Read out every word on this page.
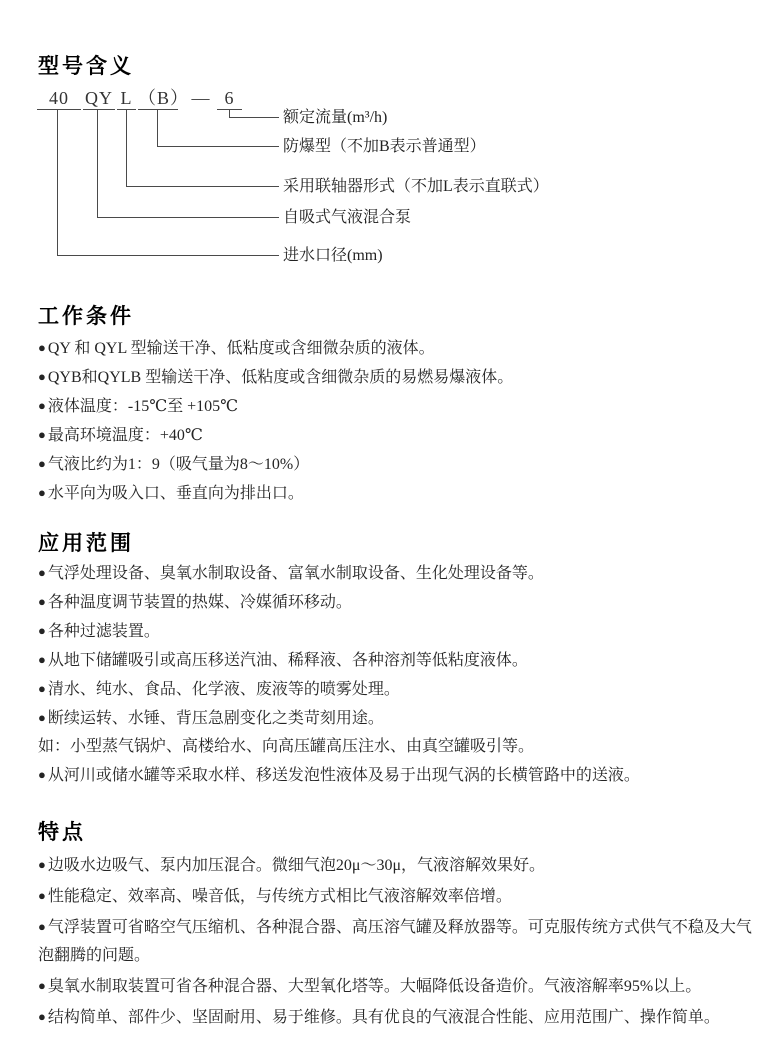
型号含义
40 QY L （B） — 6
额定流量(m³/h)
防爆型（不加B表示普通型）
采用联轴器形式（不加L表示直联式）
自吸式气液混合泵
进水口径(mm)
工作条件
● QY 和 QYL 型输送干净、低粘度或含细微杂质的液体。
● QYB和QYLB 型输送干净、低粘度或含细微杂质的易燃易爆液体。
● 液体温度：-15℃至 +105℃
● 最高环境温度：+40℃
● 气液比约为1：9（吸气量为8～10%）
● 水平向为吸入口、垂直向为排出口。
应用范围
● 气浮处理设备、臭氧水制取设备、富氧水制取设备、生化处理设备等。
● 各种温度调节装置的热媒、冷媒循环移动。
● 各种过滤装置。
● 从地下储罐吸引或高压移送汽油、稀释液、各种溶剂等低粘度液体。
● 清水、纯水、食品、化学液、废液等的喷雾处理。
● 断续运转、水锤、背压急剧变化之类苛刻用途。
如：小型蒸气锅炉、高楼给水、向高压罐高压注水、由真空罐吸引等。
● 从河川或储水罐等采取水样、移送发泡性液体及易于出现气涡的长横管路中的送液。
特点
● 边吸水边吸气、泵内加压混合。微细气泡20μ～30μ，气液溶解效果好。
● 性能稳定、效率高、噪音低，与传统方式相比气液溶解效率倍增。
● 气浮装置可省略空气压缩机、各种混合器、高压溶气罐及释放器等。可克服传统方式供气不稳及大气泡翻腾的问题。
● 臭氧水制取装置可省各种混合器、大型氧化塔等。大幅降低设备造价。气液溶解率95%以上。
● 结构简单、部件少、坚固耐用、易于维修。具有优良的气液混合性能、应用范围广、操作简单。
